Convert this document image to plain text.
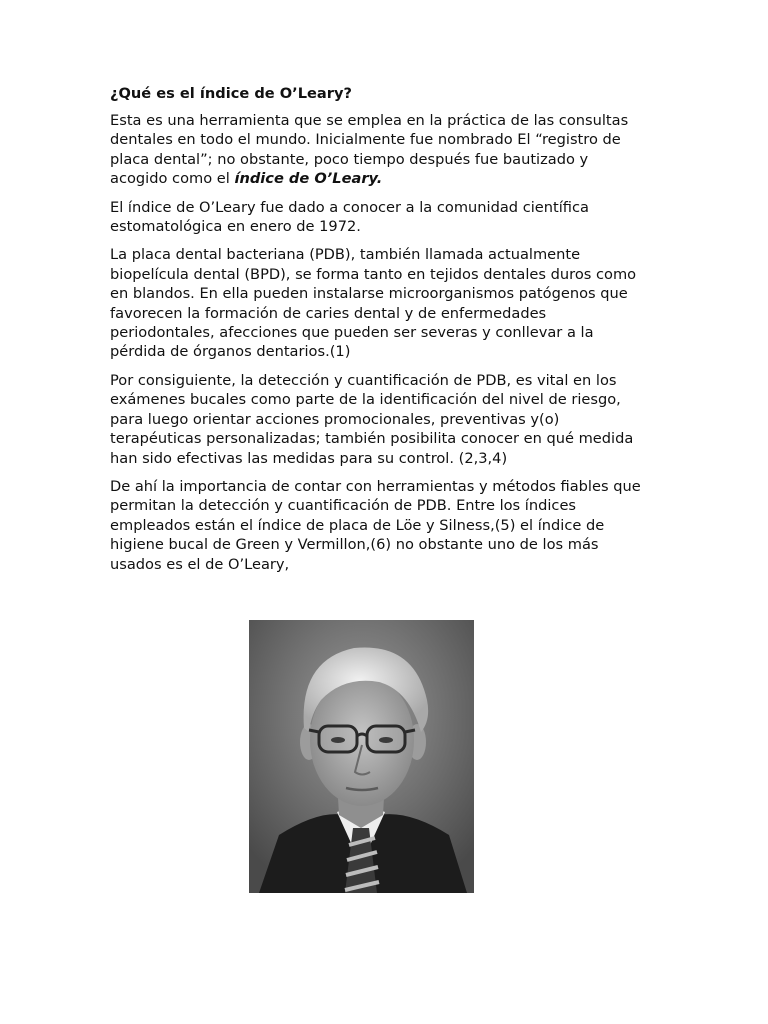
¿Qué es el índice de O’Leary?

Esta es una herramienta que se emplea en la práctica de las consultas dentales en todo el mundo. Inicialmente fue nombrado El “registro de placa dental”; no obstante, poco tiempo después fue bautizado y acogido como el índice de O’Leary.

El índice de O’Leary fue dado a conocer a la comunidad científica estomatológica en enero de 1972.

La placa dental bacteriana (PDB), también llamada actualmente biopelícula dental (BPD), se forma tanto en tejidos dentales duros como en blandos. En ella pueden instalarse microorganismos patógenos que favorecen la formación de caries dental y de enfermedades periodontales, afecciones que pueden ser severas y conllevar a la pérdida de órganos dentarios.(1)

Por consiguiente, la detección y cuantificación de PDB, es vital en los exámenes bucales como parte de la identificación del nivel de riesgo, para luego orientar acciones promocionales, preventivas y(o) terapéuticas personalizadas; también posibilita conocer en qué medida han sido efectivas las medidas para su control. (2,3,4)

De ahí la importancia de contar con herramientas y métodos fiables que permitan la detección y cuantificación de PDB. Entre los índices empleados están el índice de placa de Löe y Silness,(5) el índice de higiene bucal de Green y Vermillon,(6) no obstante uno de los más usados es el de O’Leary,
